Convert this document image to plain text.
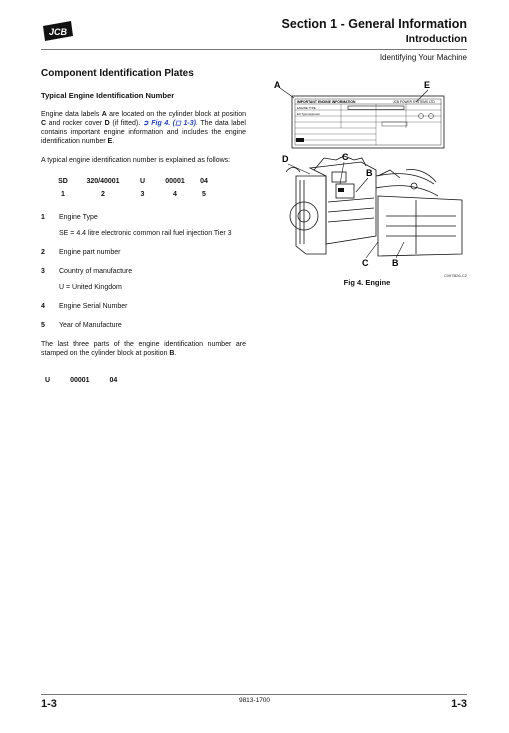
JCB
Section 1 - General Information
Introduction
Identifying Your Machine
Component Identification Plates
Typical Engine Identification Number

Engine data labels A are located on the cylinder block at position C and rocker cover D (if fitted). ➲ Fig 4. (◻ 1-3). The data label contains important engine information and includes the engine identification number E.

A typical engine identification number is explained as follows:

SD	320/40001	U	00001	04
1	2	3	4	5
1	Engine Type
SE = 4.4 litre electronic common rail fuel injection Tier 3
2	Engine part number
3	Country of manufacture
U = United Kingdom
4	Engine Serial Number
5	Year of Manufacture

The last three parts of the engine identification number are stamped on the cylinder block at position B.

U	00001	04
A	E
IMPORTANT ENGINE INFORMATION	JCB POWER SYSTEMS LTD
ENGINE TYPE
EC Type Approval
D	C
B
C	B
C097B26-C2
Fig 4. Engine
1-3	9813-1700	1-3
